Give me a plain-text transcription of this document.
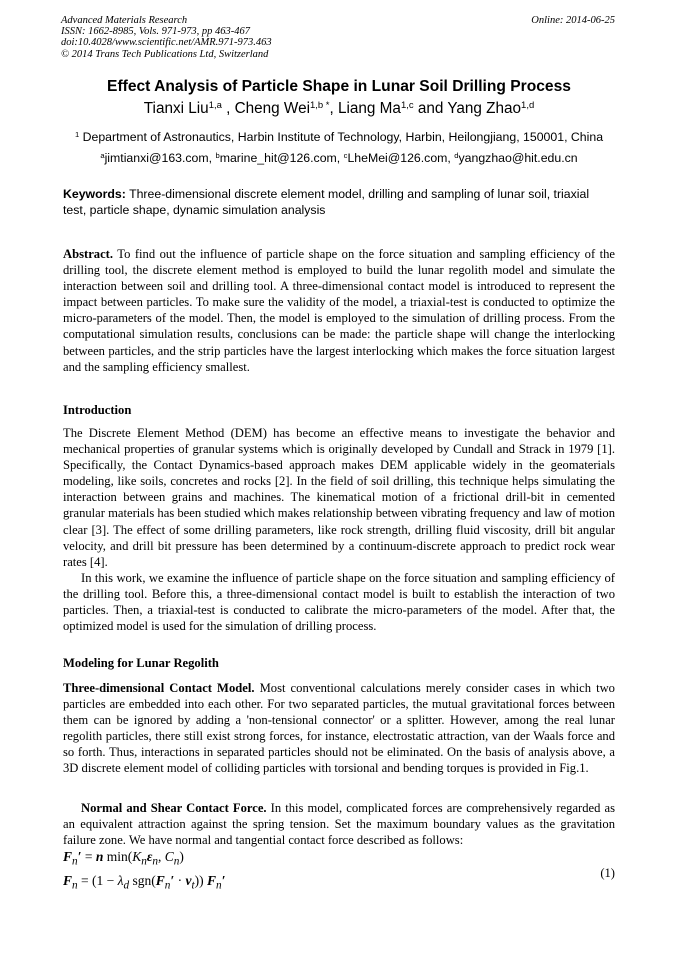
Advanced Materials Research
ISSN: 1662-8985, Vols. 971-973, pp 463-467
doi:10.4028/www.scientific.net/AMR.971-973.463
© 2014 Trans Tech Publications Ltd, Switzerland
Online: 2014-06-25
Effect Analysis of Particle Shape in Lunar Soil Drilling Process
Tianxi Liu$^{1,a}$ , Cheng Wei$^{1,b *}$, Liang Ma$^{1,c}$ and Yang Zhao$^{1,d}$
$^1$ Department of Astronautics, Harbin Institute of Technology, Harbin, Heilongjiang, 150001, China
$^a$jimtianxi@163.com, $^b$marine_hit@126.com, $^c$LheMei@126.com, $^d$yangzhao@hit.edu.cn
Keywords: Three-dimensional discrete element model, drilling and sampling of lunar soil, triaxial test, particle shape, dynamic simulation analysis

Abstract. To find out the influence of particle shape on the force situation and sampling efficiency of the drilling tool, the discrete element method is employed to build the lunar regolith model and simulate the interaction between soil and drilling tool. A three-dimensional contact model is introduced to represent the impact between particles. To make sure the validity of the model, a triaxial-test is conducted to optimize the micro-parameters of the model. Then, the model is employed to the simulation of drilling process. From the computational simulation results, conclusions can be made: the particle shape will change the interlocking between particles, and the strip particles have the largest interlocking which makes the force situation largest and the sampling efficiency smallest.

Introduction

The Discrete Element Method (DEM) has become an effective means to investigate the behavior and mechanical properties of granular systems which is originally developed by Cundall and Strack in 1979 [1]. Specifically, the Contact Dynamics-based approach makes DEM applicable widely in the geomaterials modeling, like soils, concretes and rocks [2]. In the field of soil drilling, this technique helps simulating the interaction between grains and machines. The kinematical motion of a frictional drill-bit in cemented granular materials has been studied which makes relationship between vibrating frequency and law of motion clear [3]. The effect of some drilling parameters, like rock strength, drilling fluid viscosity, drill bit angular velocity, and drill bit pressure has been determined by a continuum-discrete approach to predict rock wear rates [4].

In this work, we examine the influence of particle shape on the force situation and sampling efficiency of the drilling tool. Before this, a three-dimensional contact model is built to establish the interaction of two particles. Then, a triaxial-test is conducted to calibrate the micro-parameters of the model. After that, the optimized model is used for the simulation of drilling process.

Modeling for Lunar Regolith

Three-dimensional Contact Model. Most conventional calculations merely consider cases in which two particles are embedded into each other. For two separated particles, the mutual gravitational forces between them can be ignored by adding a 'non-tensional connector' or a splitter. However, among the real lunar regolith particles, there still exist strong forces, for instance, electrostatic attraction, van der Waals force and so forth. Thus, interactions in separated particles should not be eliminated. On the basis of analysis above, a 3D discrete element model of colliding particles with torsional and bending torques is provided in Fig.1.

Normal and Shear Contact Force. In this model, complicated forces are comprehensively regarded as an equivalent attraction against the spring tension. Set the maximum boundary values as the gravitation failure zone. We have normal and tangential contact force described as follows:

$F_n' = n$ $\min(K_n\varepsilon_n$, $C_n$)
$F_n = (1 - \lambda_d$ $sgn(F_n' \cdot v_t)$) $F_n'$	(1)
